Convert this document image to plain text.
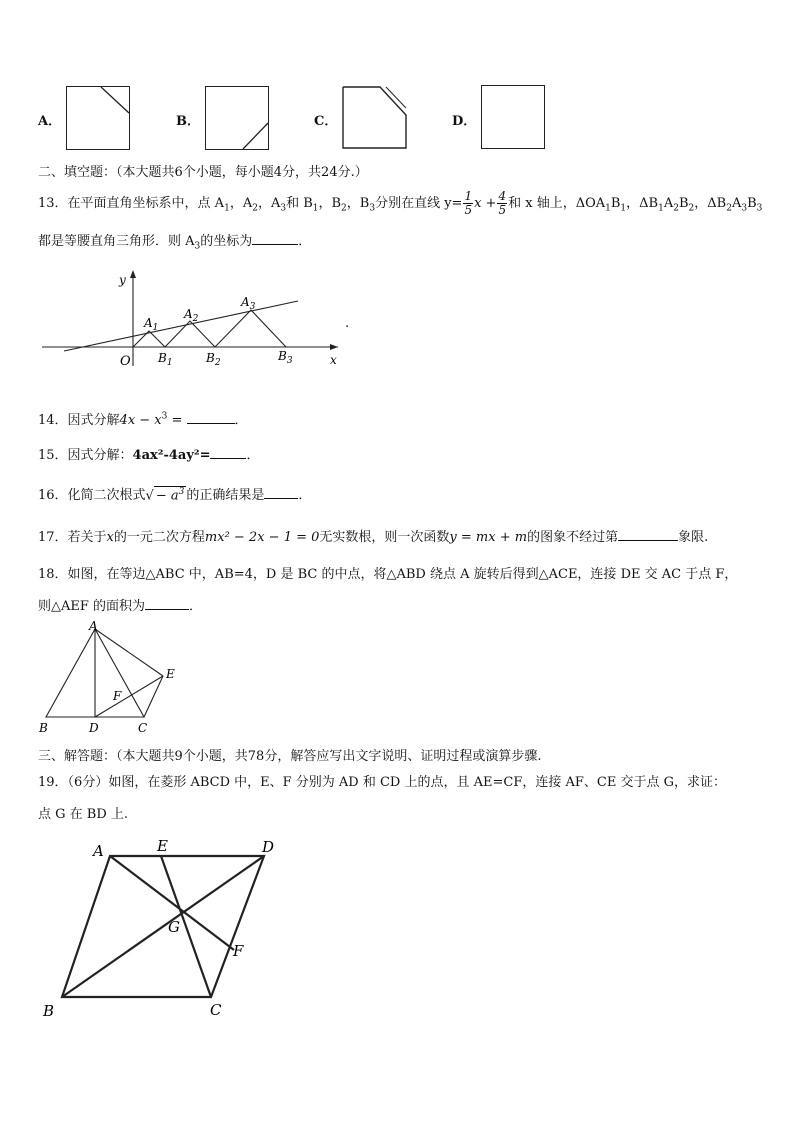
A．	B．	C．	D．
二、填空题：（本大题共6个小题，每小题4分，共24分.）
13．在平面直角坐标系中，点 $A_1$，$A_2$，$A_3$和 $B_1$，$B_2$，$B_3$分别在直线 $y= \frac{1}{5}$ $x + \frac{4}{5}$ 和 x 轴上，$\Delta OA_1B_1$，$\Delta B_1A_2B_2$，$\Delta B_2A_3B_3$
都是等腰直角三角形．则 $A_3$的坐标为	．
y
x
O
$A_1$
$A_2$
$A_3$
$B_1$	$B_2$	$B_3$
.
14．因式分解$4x - x^3$ =	．
15．因式分解：4ax²-4ay²=	．
16．化简二次根式√ − $a^3$ 的正确结果是	．
17．若关于x的一元二次方程mx² − 2x − 1 = 0无实数根，则一次函数y = mx + m的图象不经过第	象限.
18．如图，在等边△ABC 中，AB=4，D 是 BC 的中点，将△ABD 绕点 A 旋转后得到△ACE，连接 DE 交 AC 于点 F，
则△AEF 的面积为	．
A
B	C
D
E
F
三、解答题：（本大题共9个小题，共78分，解答应写出文字说明、证明过程或演算步骤.
19．（6分）如图，在菱形 ABCD 中，E、F 分别为 AD 和 CD 上的点，且 AE=CF，连接 AF、CE 交于点 G，求证：
点 G 在 BD 上.
A	E	D
G
F
B	C
